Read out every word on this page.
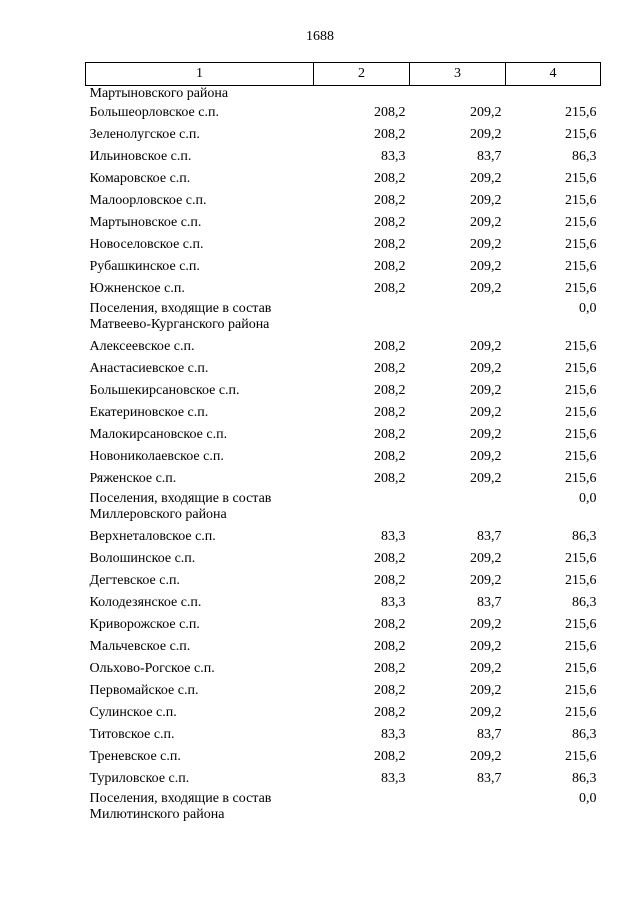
1688
1	2	3	4
Мартыновского района			
Большеорловское с.п.	208,2	209,2	215,6
Зеленолугское с.п.	208,2	209,2	215,6
Ильиновское с.п.	83,3	83,7	86,3
Комаровское с.п.	208,2	209,2	215,6
Малоорловское с.п.	208,2	209,2	215,6
Мартыновское с.п.	208,2	209,2	215,6
Новоселовское с.п.	208,2	209,2	215,6
Рубашкинское с.п.	208,2	209,2	215,6
Южненское с.п.	208,2	209,2	215,6
Поселения, входящие в состав Матвеево-Курганского района			0,0
Алексеевское с.п.	208,2	209,2	215,6
Анастасиевское с.п.	208,2	209,2	215,6
Большекирсановское с.п.	208,2	209,2	215,6
Екатериновское с.п.	208,2	209,2	215,6
Малокирсановское с.п.	208,2	209,2	215,6
Новониколаевское с.п.	208,2	209,2	215,6
Ряженское с.п.	208,2	209,2	215,6
Поселения, входящие в состав Миллеровского района			0,0
Верхнеталовское с.п.	83,3	83,7	86,3
Волошинское с.п.	208,2	209,2	215,6
Дегтевское с.п.	208,2	209,2	215,6
Колодезянское с.п.	83,3	83,7	86,3
Криворожское с.п.	208,2	209,2	215,6
Мальчевское с.п.	208,2	209,2	215,6
Ольхово-Рогское с.п.	208,2	209,2	215,6
Первомайское с.п.	208,2	209,2	215,6
Сулинское с.п.	208,2	209,2	215,6
Титовское с.п.	83,3	83,7	86,3
Треневское с.п.	208,2	209,2	215,6
Туриловское с.п.	83,3	83,7	86,3
Поселения, входящие в состав Милютинского района			0,0
